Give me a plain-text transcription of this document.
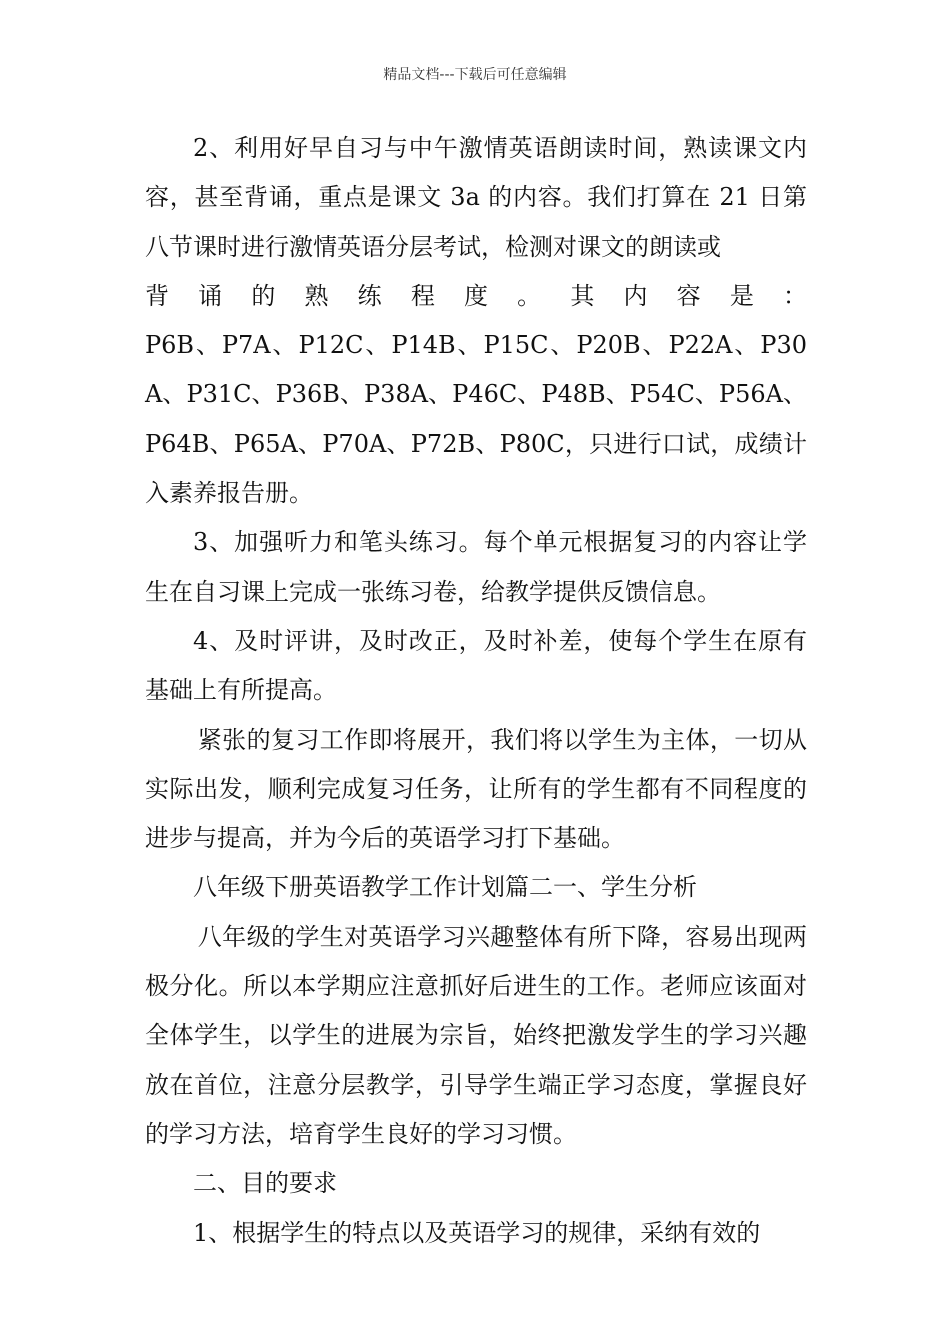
精品文档---下载后可任意编辑

2、利用好早自习与中午激情英语朗读时间，熟读课文内容，甚至背诵，重点是课文 3a 的内容。我们打算在 21 日第八节课时进行激情英语分层考试，检测对课文的朗读或

背诵的熟练程度。其内容是：

P6B、P7A、P12C、P14B、P15C、P20B、P22A、P30A、P31C、P36B、P38A、P46C、P48B、P54C、P56A、P64B、P65A、P70A、P72B、P80C，只进行口试，成绩计入素养报告册。

3、加强听力和笔头练习。每个单元根据复习的内容让学生在自习课上完成一张练习卷，给教学提供反馈信息。

4、及时评讲，及时改正，及时补差，使每个学生在原有基础上有所提高。

紧张的复习工作即将展开，我们将以学生为主体，一切从实际出发，顺利完成复习任务，让所有的学生都有不同程度的进步与提高，并为今后的英语学习打下基础。

八年级下册英语教学工作计划篇二一、学生分析

八年级的学生对英语学习兴趣整体有所下降，容易出现两极分化。所以本学期应注意抓好后进生的工作。老师应该面对全体学生，以学生的进展为宗旨，始终把激发学生的学习兴趣放在首位，注意分层教学，引导学生端正学习态度，掌握良好的学习方法，培育学生良好的学习习惯。

二、目的要求

1、根据学生的特点以及英语学习的规律，采纳有效的
